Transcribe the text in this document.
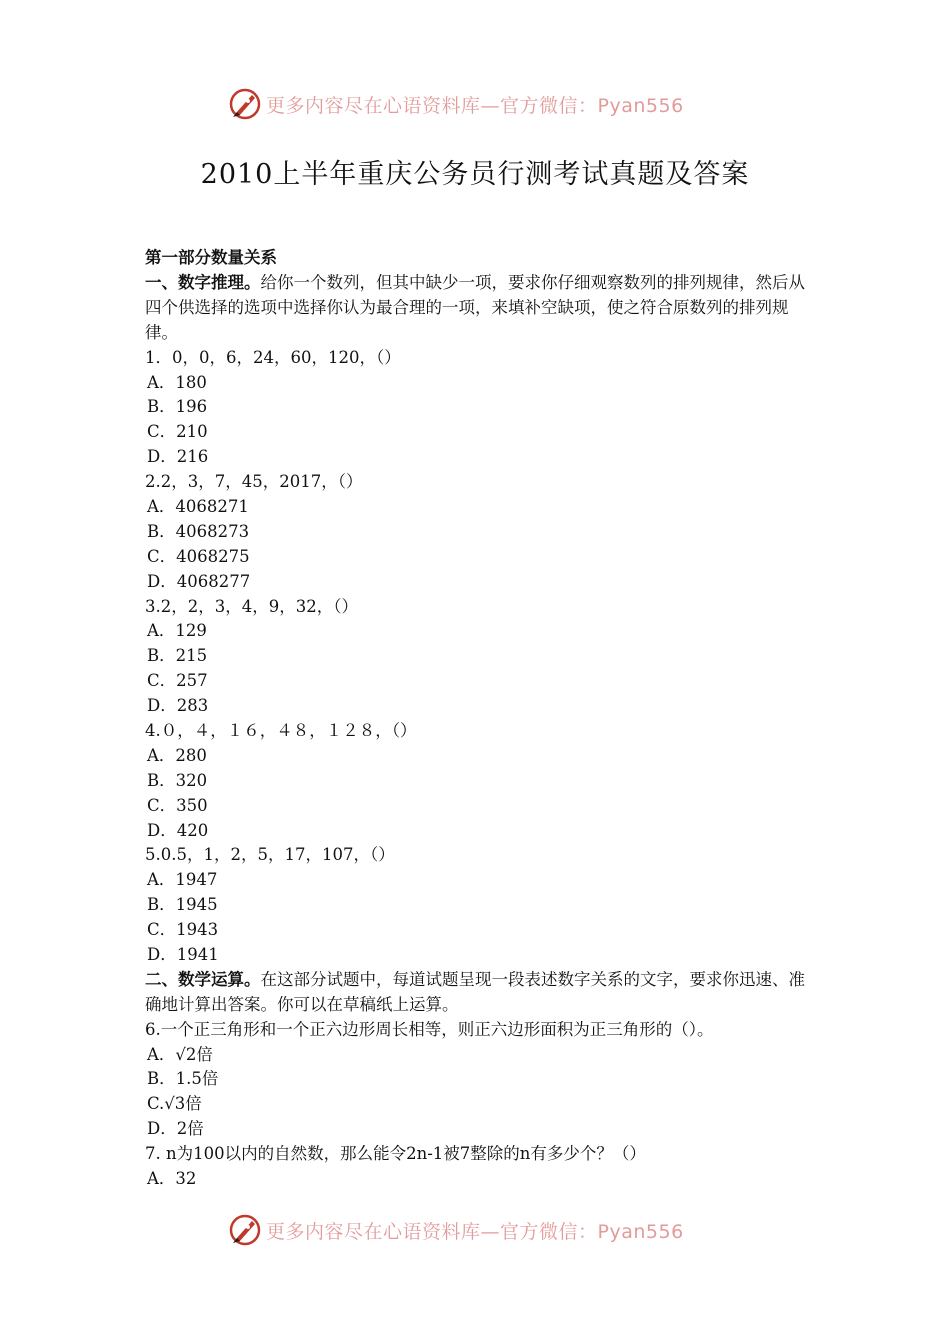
更多内容尽在心语资料库—官方微信：Pyan556
2010上半年重庆公务员行测考试真题及答案
第一部分数量关系
一、数字推理。给你一个数列，但其中缺少一项，要求你仔细观察数列的排列规律，然后从四个供选择的选项中选择你认为最合理的一项，来填补空缺项，使之符合原数列的排列规律。
1．0，0，6，24，60，120，（）
A．180
B．196
C．210
D．216
2.2，3，7，45，2017，（）
A．4068271
B．4068273
C．4068275
D．4068277
3.2，2，3，4，9，32，（）
A．129
B．215
C．257
D．283
4.０，４，１６，４８，１２８，（）
A．280
B．320
C．350
D．420
5.0.5，1，2，5，17，107，（）
A．1947
B．1945
C．1943
D．1941
二、数学运算。在这部分试题中，每道试题呈现一段表述数字关系的文字，要求你迅速、准确地计算出答案。你可以在草稿纸上运算。
6.一个正三角形和一个正六边形周长相等，则正六边形面积为正三角形的（）。
A．√2倍
B．1.5倍
C.√3倍
D．2倍
7. n为100以内的自然数，那么能令2n-1被7整除的n有多少个？（）
A．32
更多内容尽在心语资料库—官方微信：Pyan556
